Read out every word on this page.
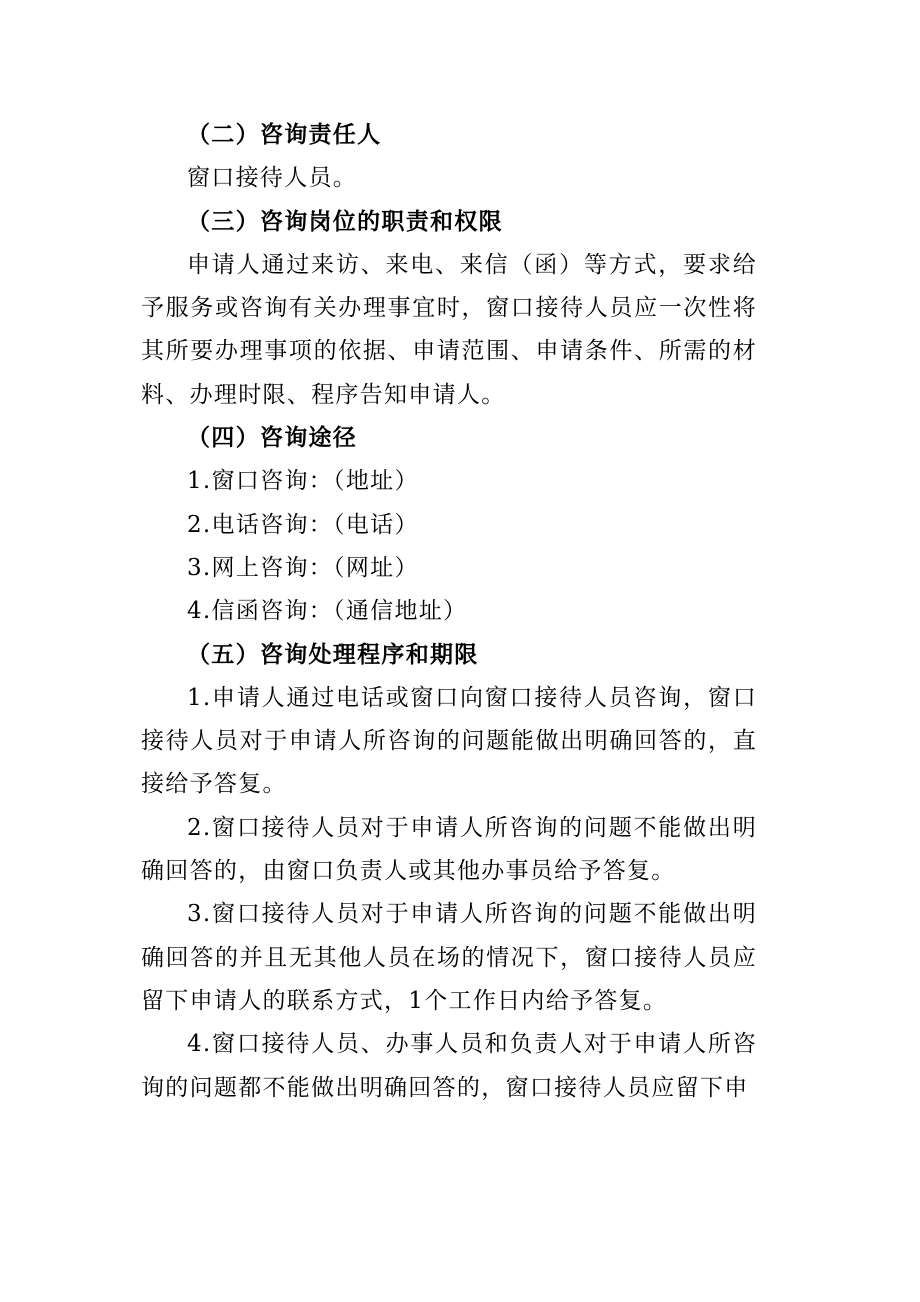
（二）咨询责任人

窗口接待人员。

（三）咨询岗位的职责和权限

申请人通过来访、来电、来信（函）等方式，要求给予服务或咨询有关办理事宜时，窗口接待人员应一次性将其所要办理事项的依据、申请范围、申请条件、所需的材料、办理时限、程序告知申请人。

（四）咨询途径

1.窗口咨询：（地址）

2.电话咨询：（电话）

3.网上咨询：（网址）

4.信函咨询：（通信地址）

（五）咨询处理程序和期限

1.申请人通过电话或窗口向窗口接待人员咨询，窗口接待人员对于申请人所咨询的问题能做出明确回答的，直接给予答复。

2.窗口接待人员对于申请人所咨询的问题不能做出明确回答的，由窗口负责人或其他办事员给予答复。

3.窗口接待人员对于申请人所咨询的问题不能做出明确回答的并且无其他人员在场的情况下，窗口接待人员应留下申请人的联系方式，1个工作日内给予答复。

4.窗口接待人员、办事人员和负责人对于申请人所咨询的问题都不能做出明确回答的，窗口接待人员应留下申
